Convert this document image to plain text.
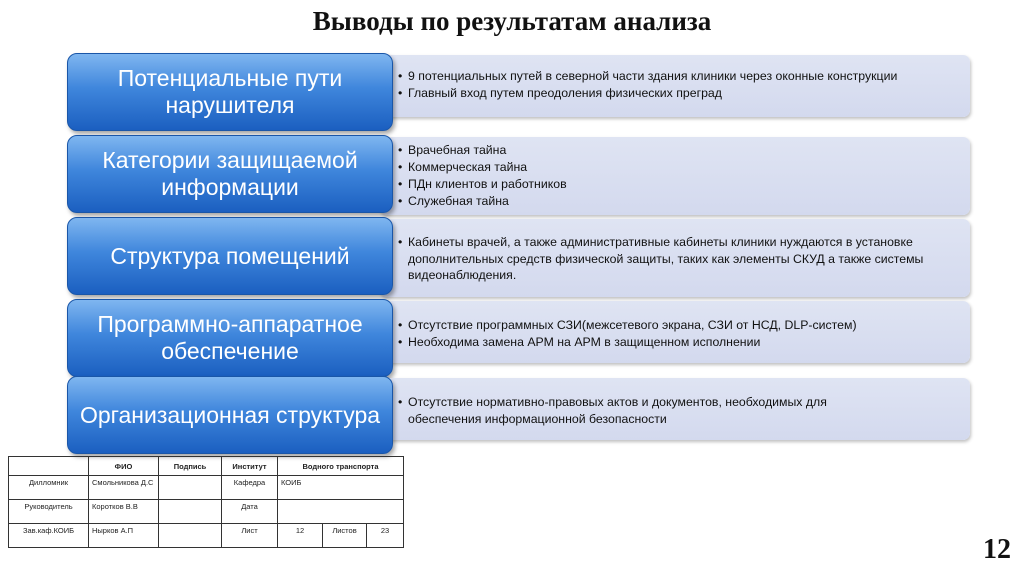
Выводы по результатам анализа
• 9 потенциальных путей в северной части здания клиники через оконные конструкции
• Главный вход путем преодоления физических преград
Потенциальные пути нарушителя
• Врачебная тайна
• Коммерческая тайна
• ПДн клиентов и работников
• Служебная тайна
Категории защищаемой информации
• Кабинеты врачей, а также административные кабинеты клиники нуждаются в установке дополнительных средств физической защиты, таких как элементы СКУД а также системы видеонаблюдения.
Структура помещений
• Отсутствие программных СЗИ(межсетевого экрана, СЗИ от НСД, DLP-систем)
• Необходима замена АРМ на АРМ в защищенном исполнении
Программно-аппаратное обеспечение
• Отсутствие нормативно-правовых актов и документов, необходимых для обеспечения информационной безопасности
Организационная структура
	ФИО	Подпись	Институт	Водного транспорта		
Дилломник	Смольникова Д.С		Кафедра	КОИБ		
Руководитель	Коротков В.В		Дата			
Зав.каф.КОИБ	Нырков А.П		Лист	12	Листов	23
12
